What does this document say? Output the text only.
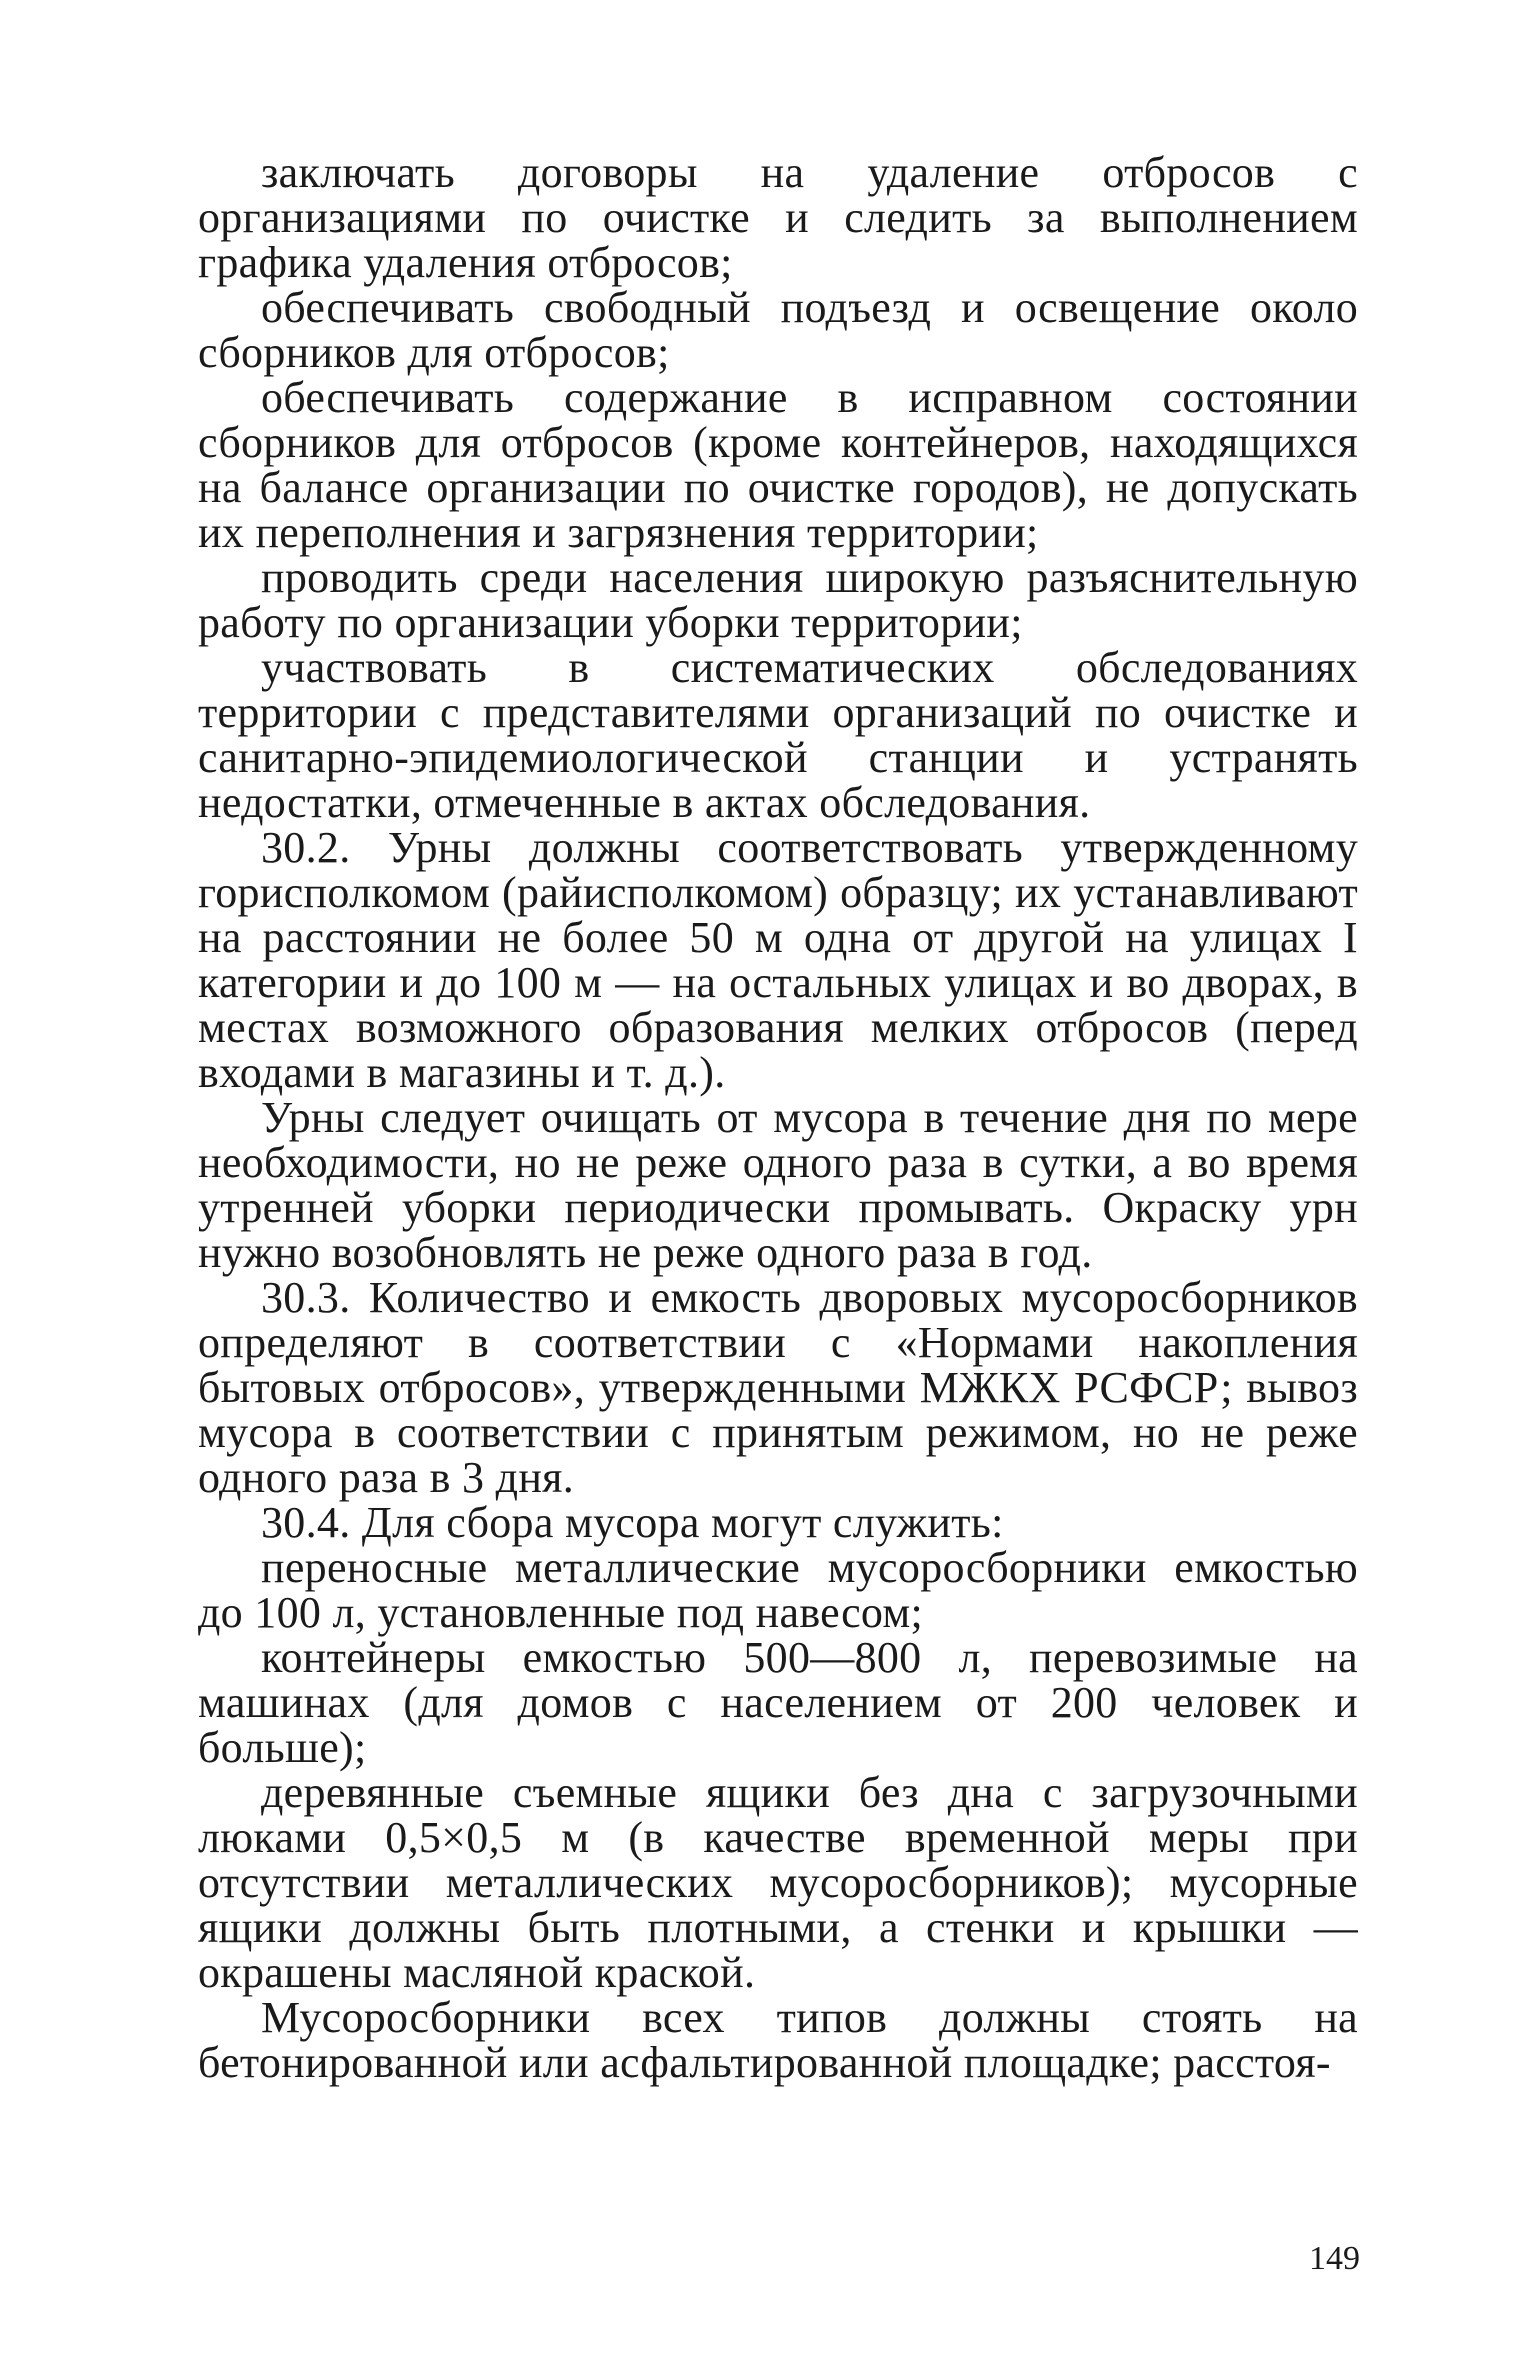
заключать договоры на удаление отбросов с организациями по очистке и следить за выполнением графика удаления отбросов;

обеспечивать свободный подъезд и освещение около сборников для отбросов;

обеспечивать содержание в исправном состоянии сборников для отбросов (кроме контейнеров, находящихся на балансе организации по очистке городов), не допускать их переполнения и загрязнения территории;

проводить среди населения широкую разъяснительную работу по организации уборки территории;

участвовать в систематических обследованиях территории с представителями организаций по очистке и санитарно-эпидемиологической станции и устранять недостатки, отмеченные в актах обследования.

30.2. Урны должны соответствовать утвержденному горисполкомом (райисполкомом) образцу; их устанавливают на расстоянии не более 50 м одна от другой на улицах I категории и до 100 м — на остальных улицах и во дворах, в местах возможного образования мелких отбросов (перед входами в магазины и т. д.).

Урны следует очищать от мусора в течение дня по мере необходимости, но не реже одного раза в сутки, а во время утренней уборки периодически промывать. Окраску урн нужно возобновлять не реже одного раза в год.

30.3. Количество и емкость дворовых мусоросборников определяют в соответствии с «Нормами накопления бытовых отбросов», утвержденными МЖКХ РСФСР; вывоз мусора в соответствии с принятым режимом, но не реже одного раза в 3 дня.

30.4. Для сбора мусора могут служить:

переносные металлические мусоросборники емкостью до 100 л, установленные под навесом;

контейнеры емкостью 500—800 л, перевозимые на машинах (для домов с населением от 200 человек и больше);

деревянные съемные ящики без дна с загрузочными люками 0,5×0,5 м (в качестве временной меры при отсутствии металлических мусоросборников); мусорные ящики должны быть плотными, а стенки и крышки — окрашены масляной краской.

Мусоросборники всех типов должны стоять на бетонированной или асфальтированной площадке; расстоя-

149
